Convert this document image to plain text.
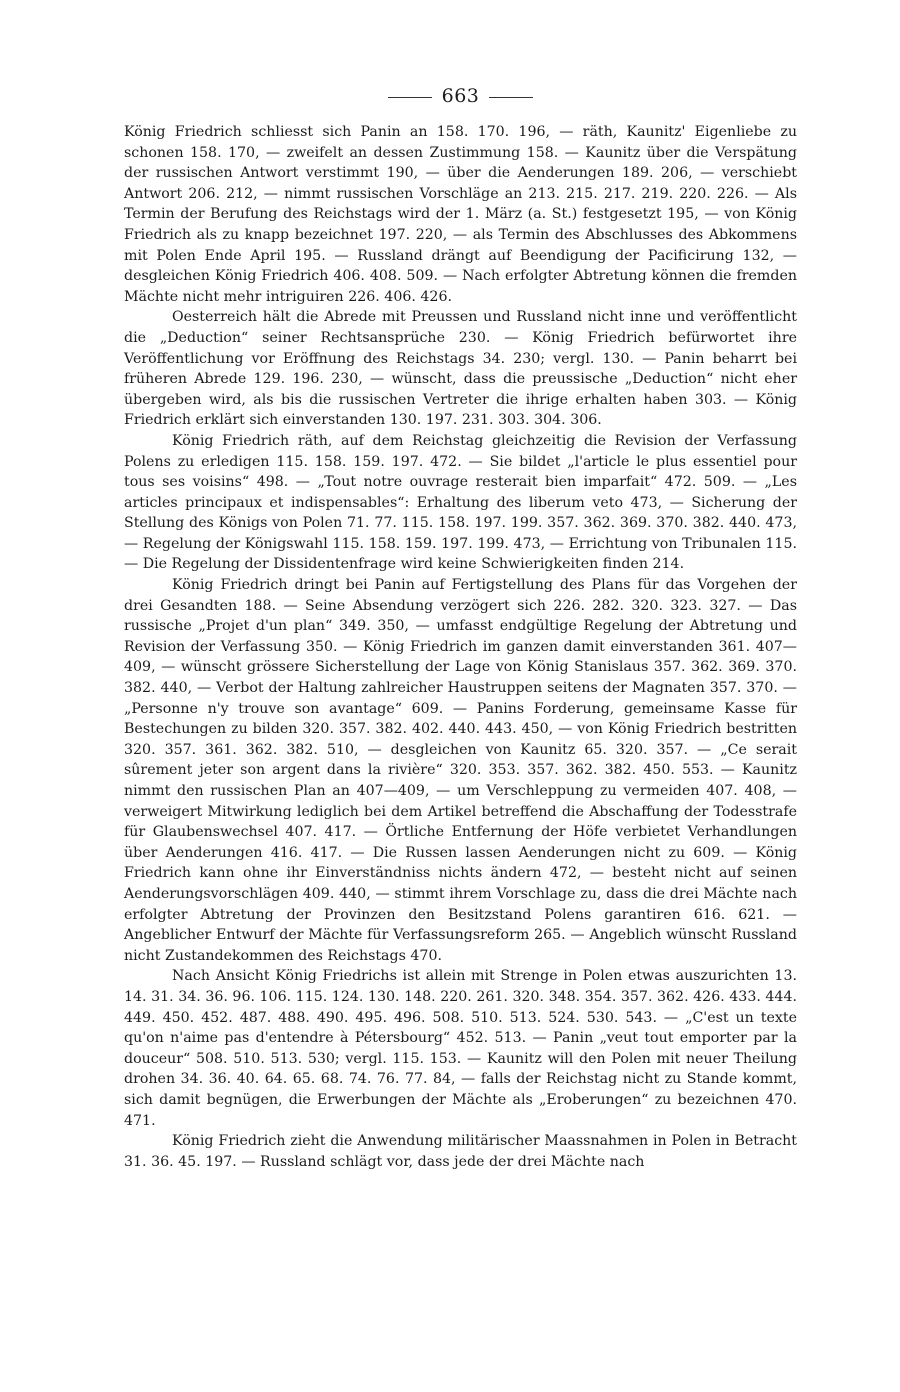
663

König Friedrich schliesst sich Panin an 158. 170. 196, — räth, Kaunitz' Eigenliebe zu schonen 158. 170, — zweifelt an dessen Zustimmung 158. — Kaunitz über die Verspätung der russischen Antwort verstimmt 190, — über die Aenderungen 189. 206, — verschiebt Antwort 206. 212, — nimmt russischen Vorschläge an 213. 215. 217. 219. 220. 226. — Als Termin der Berufung des Reichstags wird der 1. März (a. St.) festgesetzt 195, — von König Friedrich als zu knapp bezeichnet 197. 220, — als Termin des Abschlusses des Abkommens mit Polen Ende April 195. — Russland drängt auf Beendigung der Pacificirung 132, — desgleichen König Friedrich 406. 408. 509. — Nach erfolgter Abtretung können die fremden Mächte nicht mehr intriguiren 226. 406. 426.

Oesterreich hält die Abrede mit Preussen und Russland nicht inne und veröffentlicht die „Deduction“ seiner Rechtsansprüche 230. — König Friedrich befürwortet ihre Veröffentlichung vor Eröffnung des Reichstags 34. 230; vergl. 130. — Panin beharrt bei früheren Abrede 129. 196. 230, — wünscht, dass die preussische „Deduction“ nicht eher übergeben wird, als bis die russischen Vertreter die ihrige erhalten haben 303. — König Friedrich erklärt sich einverstanden 130. 197. 231. 303. 304. 306.

König Friedrich räth, auf dem Reichstag gleichzeitig die Revision der Verfassung Polens zu erledigen 115. 158. 159. 197. 472. — Sie bildet „l'article le plus essentiel pour tous ses voisins“ 498. — „Tout notre ouvrage resterait bien imparfait“ 472. 509. — „Les articles principaux et indispensables“: Erhaltung des liberum veto 473, — Sicherung der Stellung des Königs von Polen 71. 77. 115. 158. 197. 199. 357. 362. 369. 370. 382. 440. 473, — Regelung der Königswahl 115. 158. 159. 197. 199. 473, — Errichtung von Tribunalen 115. — Die Regelung der Dissidentenfrage wird keine Schwierigkeiten finden 214.

König Friedrich dringt bei Panin auf Fertigstellung des Plans für das Vorgehen der drei Gesandten 188. — Seine Absendung verzögert sich 226. 282. 320. 323. 327. — Das russische „Projet d'un plan“ 349. 350, — umfasst endgültige Regelung der Abtretung und Revision der Verfassung 350. — König Friedrich im ganzen damit einverstanden 361. 407—409, — wünscht grössere Sicherstellung der Lage von König Stanislaus 357. 362. 369. 370. 382. 440, — Verbot der Haltung zahlreicher Haustruppen seitens der Magnaten 357. 370. — „Personne n'y trouve son avantage“ 609. — Panins Forderung, gemeinsame Kasse für Bestechungen zu bilden 320. 357. 382. 402. 440. 443. 450, — von König Friedrich bestritten 320. 357. 361. 362. 382. 510, — desgleichen von Kaunitz 65. 320. 357. — „Ce serait sûrement jeter son argent dans la rivière“ 320. 353. 357. 362. 382. 450. 553. — Kaunitz nimmt den russischen Plan an 407—409, — um Verschleppung zu vermeiden 407. 408, — verweigert Mitwirkung lediglich bei dem Artikel betreffend die Abschaffung der Todesstrafe für Glaubenswechsel 407. 417. — Örtliche Entfernung der Höfe verbietet Verhandlungen über Aenderungen 416. 417. — Die Russen lassen Aenderungen nicht zu 609. — König Friedrich kann ohne ihr Einverständniss nichts ändern 472, — besteht nicht auf seinen Aenderungsvorschlägen 409. 440, — stimmt ihrem Vorschlage zu, dass die drei Mächte nach erfolgter Abtretung der Provinzen den Besitzstand Polens garantiren 616. 621. — Angeblicher Entwurf der Mächte für Verfassungsreform 265. — Angeblich wünscht Russland nicht Zustandekommen des Reichstags 470.

Nach Ansicht König Friedrichs ist allein mit Strenge in Polen etwas auszurichten 13. 14. 31. 34. 36. 96. 106. 115. 124. 130. 148. 220. 261. 320. 348. 354. 357. 362. 426. 433. 444. 449. 450. 452. 487. 488. 490. 495. 496. 508. 510. 513. 524. 530. 543. — „C'est un texte qu'on n'aime pas d'entendre à Pétersbourg“ 452. 513. — Panin „veut tout emporter par la douceur“ 508. 510. 513. 530; vergl. 115. 153. — Kaunitz will den Polen mit neuer Theilung drohen 34. 36. 40. 64. 65. 68. 74. 76. 77. 84, — falls der Reichstag nicht zu Stande kommt, sich damit begnügen, die Erwerbungen der Mächte als „Eroberungen“ zu bezeichnen 470. 471.

König Friedrich zieht die Anwendung militärischer Maassnahmen in Polen in Betracht 31. 36. 45. 197. — Russland schlägt vor, dass jede der drei Mächte nach
